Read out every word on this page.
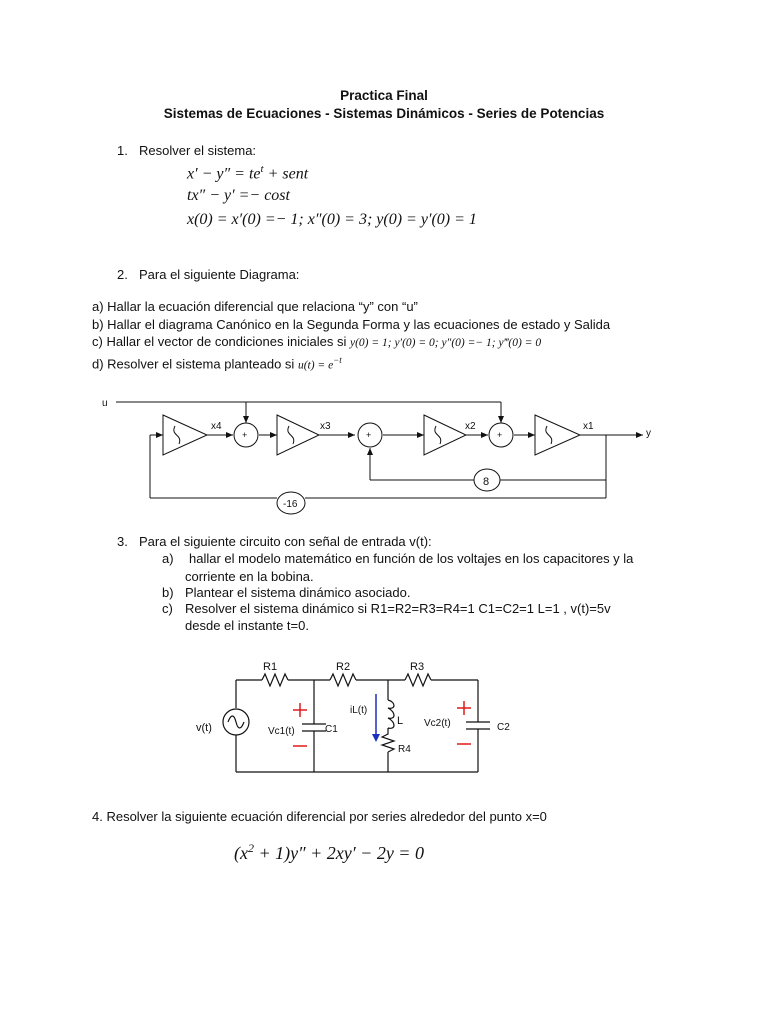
Practica Final
Sistemas de Ecuaciones - Sistemas Dinámicos - Series de Potencias
1. Resolver el sistema:
$x' - y'' = te^t$ + sent
tx″ − y′ =− cost
x(0) = x′(0) =− 1; x″(0) = 3; y(0) = y′(0) = 1
2. Para el siguiente Diagrama:
a) Hallar la ecuación diferencial que relaciona “y” con “u”
b) Hallar el diagrama Canónico en la Segunda Forma y las ecuaciones de estado y Salida
c) Hallar el vector de condiciones iniciales si y(0) = 1; y′(0) = 0; y″(0) =− 1; y‴(0) = 0
d) Resolver el sistema planteado si $u(t) = e^{-t}$
u
y
x4	x3	x2	x1
+	+	+
8
-16
3. Para el siguiente circuito con señal de entrada v(t):
a) hallar el modelo matemático en función de los voltajes en los capacitores y la
corriente en la bobina.
b) Plantear el sistema dinámico asociado.
c) Resolver el sistema dinámico si R1=R2=R3=R4=1 C1=C2=1 L=1 , v(t)=5v
desde el instante t=0.
R1	R2	R3
R4
v(t)	Vc1(t)	C1
iL(t)
L Vc2(t)	C2
4. Resolver la siguiente ecuación diferencial por series alrededor del punto x=0
$(x^2 + 1)y'' + 2xy' - 2y = 0$
